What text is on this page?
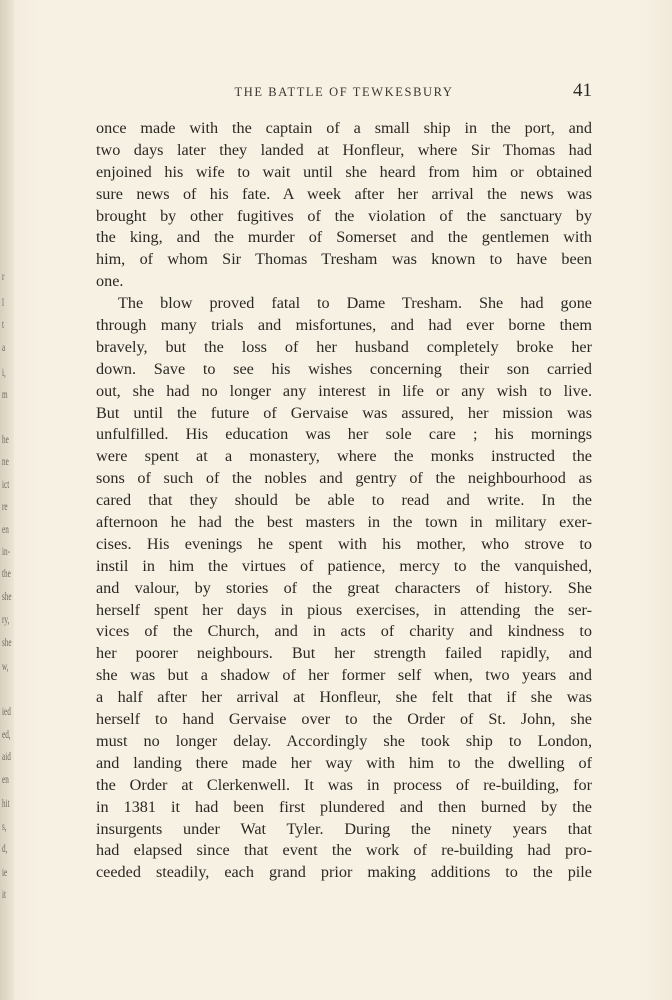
r
l
t
a
i,
m
he
ne
ict
re
en
in-
the
she
ry,
she
w,
ied
ed,
aid
en
hit
s,
d,
ie
it
THE BATTLE OF TEWKESBURY	41
once made with the captain of a small ship in the port, and
two days later they landed at Honfleur, where Sir Thomas had
enjoined his wife to wait until she heard from him or obtained
sure news of his fate. A week after her arrival the news was
brought by other fugitives of the violation of the sanctuary by
the king, and the murder of Somerset and the gentlemen with
him, of whom Sir Thomas Tresham was known to have been
one.
The blow proved fatal to Dame Tresham. She had gone
through many trials and misfortunes, and had ever borne them
bravely, but the loss of her husband completely broke her
down. Save to see his wishes concerning their son carried
out, she had no longer any interest in life or any wish to live.
But until the future of Gervaise was assured, her mission was
unfulfilled. His education was her sole care ; his mornings
were spent at a monastery, where the monks instructed the
sons of such of the nobles and gentry of the neighbourhood as
cared that they should be able to read and write. In the
afternoon he had the best masters in the town in military exer-
cises. His evenings he spent with his mother, who strove to
instil in him the virtues of patience, mercy to the vanquished,
and valour, by stories of the great characters of history. She
herself spent her days in pious exercises, in attending the ser-
vices of the Church, and in acts of charity and kindness to
her poorer neighbours. But her strength failed rapidly, and
she was but a shadow of her former self when, two years and
a half after her arrival at Honfleur, she felt that if she was
herself to hand Gervaise over to the Order of St. John, she
must no longer delay. Accordingly she took ship to London,
and landing there made her way with him to the dwelling of
the Order at Clerkenwell. It was in process of re-building, for
in 1381 it had been first plundered and then burned by the
insurgents under Wat Tyler. During the ninety years that
had elapsed since that event the work of re-building had pro-
ceeded steadily, each grand prior making additions to the pile
